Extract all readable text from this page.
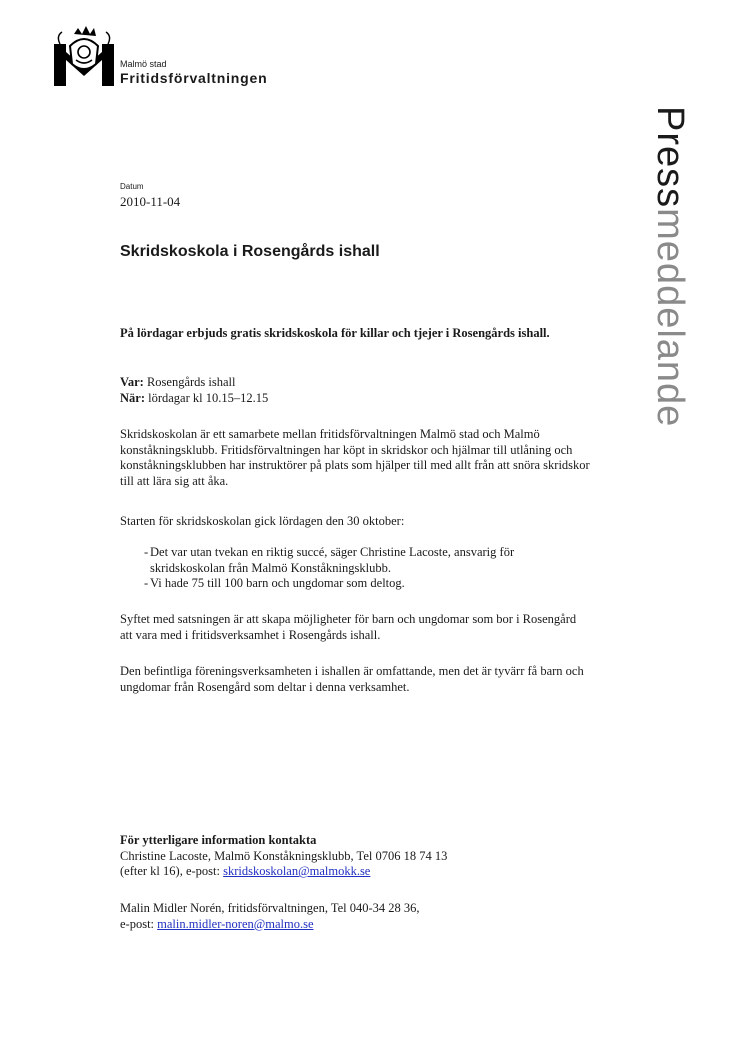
Malmö stad
Fritidsförvaltningen
Pressmeddelande
Datum
2010-11-04
Skridskoskola i Rosengårds ishall

På lördagar erbjuds gratis skridskoskola för killar och tjejer i Rosengårds ishall.

Var: Rosengårds ishall

När: lördagar kl 10.15–12.15

Skridskoskolan är ett samarbete mellan fritidsförvaltningen Malmö stad och Malmö konståkningsklubb. Fritidsförvaltningen har köpt in skridskor och hjälmar till utlåning och konståkningsklubben har instruktörer på plats som hjälper till med allt från att snöra skridskor till att lära sig att åka.

Starten för skridskoskolan gick lördagen den 30 oktober:

- Det var utan tvekan en riktig succé, säger Christine Lacoste, ansvarig för skridskoskolan från Malmö Konståkningsklubb.
- Vi hade 75 till 100 barn och ungdomar som deltog.

Syftet med satsningen är att skapa möjligheter för barn och ungdomar som bor i Rosengård att vara med i fritidsverksamhet i Rosengårds ishall.

Den befintliga föreningsverksamheten i ishallen är omfattande, men det är tyvärr få barn och ungdomar från Rosengård som deltar i denna verksamhet.

För ytterligare information kontakta

Christine Lacoste, Malmö Konståkningsklubb, Tel 0706 18 74 13

(efter kl 16), e-post: skridskoskolan@malmokk.se

Malin Midler Norén, fritidsförvaltningen, Tel 040-34 28 36,

e-post: malin.midler-noren@malmo.se
